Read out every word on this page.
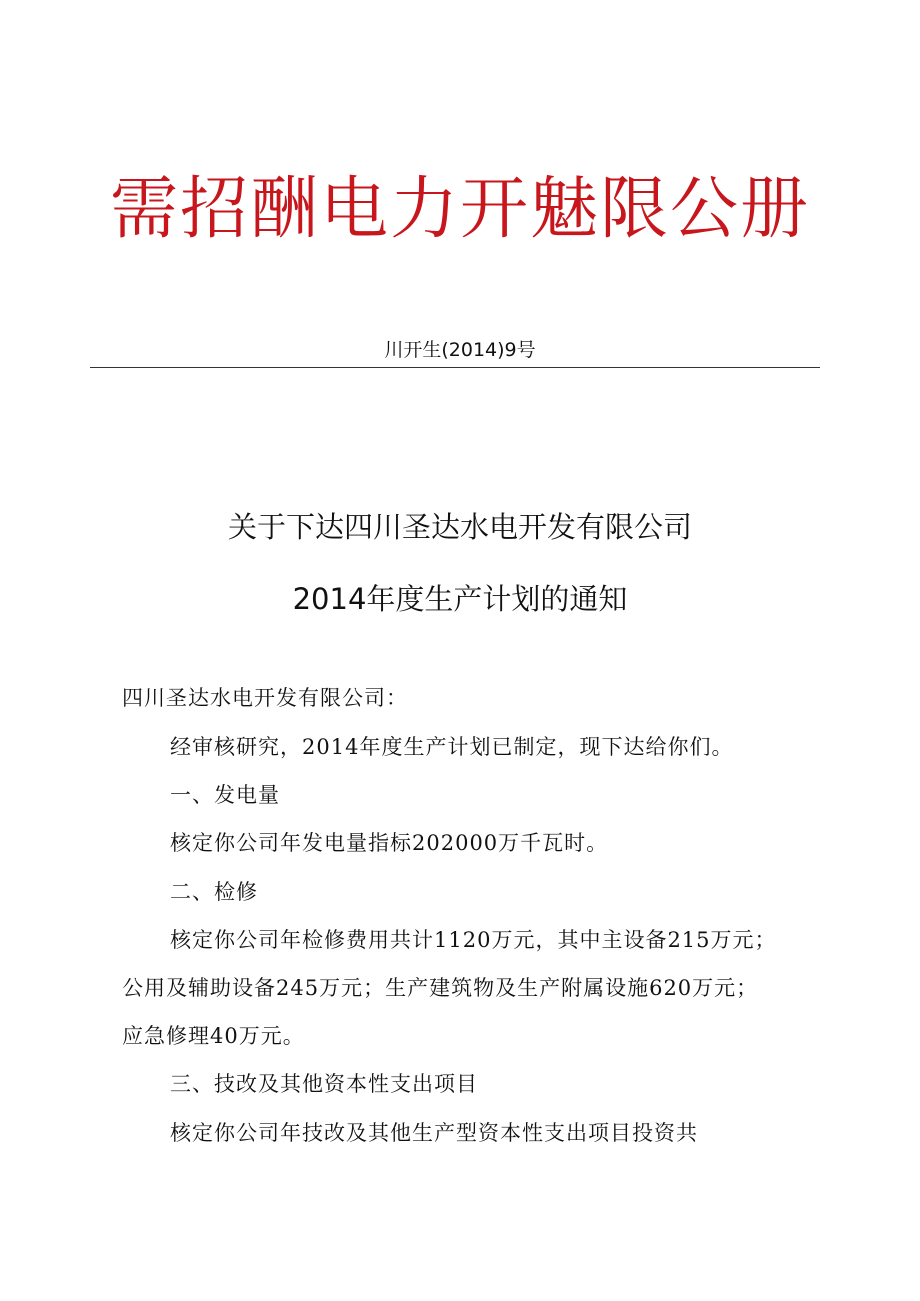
需招酬电力开魅限公册
川开生(2014)9号
关于下达四川圣达水电开发有限公司
2014年度生产计划的通知
四川圣达水电开发有限公司：
经审核研究，2014年度生产计划已制定，现下达给你们。
一、发电量
核定你公司年发电量指标202000万千瓦时。
二、检修
核定你公司年检修费用共计1120万元，其中主设备215万元；
公用及辅助设备245万元；生产建筑物及生产附属设施620万元；
应急修理40万元。
三、技改及其他资本性支出项目
核定你公司年技改及其他生产型资本性支出项目投资共
